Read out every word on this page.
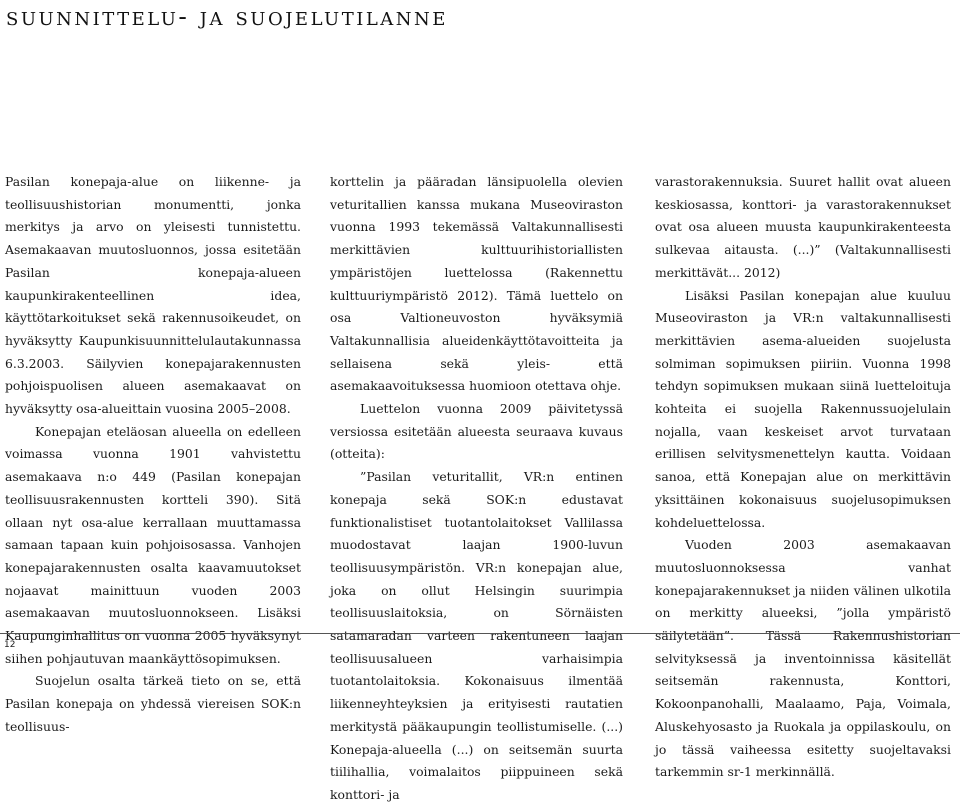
suunnittelu- ja suojelutilanne

Pasilan konepaja-alue on liikenne- ja teollisuushistorian monumentti, jonka merkitys ja arvo on yleisesti tunnistettu. Asemakaavan muutosluonnos, jossa esitetään Pasilan konepaja-alueen kaupunkirakenteellinen idea, käyttötarkoitukset sekä rakennusoikeudet, on hyväksytty Kaupunkisuunnittelulautakunnassa 6.3.2003. Säilyvien konepajarakennusten pohjoispuolisen alueen asemakaavat on hyväksytty osa-alueittain vuosina 2005–2008.

Konepajan eteläosan alueella on edelleen voimassa vuonna 1901 vahvistettu asemakaava n:o 449 (Pasilan konepajan teollisuusrakennusten kortteli 390). Sitä ollaan nyt osa-alue kerrallaan muuttamassa samaan tapaan kuin pohjoisosassa. Vanhojen konepajarakennusten osalta kaavamuutokset nojaavat mainittuun vuoden 2003 asemakaavan muutosluonnokseen. Lisäksi Kaupunginhallitus on vuonna 2005 hyväksynyt siihen pohjautuvan maankäyttösopimuksen.

Suojelun osalta tärkeä tieto on se, että Pasilan konepaja on yhdessä viereisen SOK:n teollisuus-

korttelin ja pääradan länsipuolella olevien veturitallien kanssa mukana Museoviraston vuonna 1993 tekemässä Valtakunnallisesti merkittävien kulttuurihistoriallisten ympäristöjen luettelossa (Rakennettu kulttuuriympäristö 2012). Tämä luettelo on osa Valtioneuvoston hyväksymiä Valtakunnallisia alueidenkäyttötavoitteita ja sellaisena sekä yleis- että asemakaavoituksessa huomioon otettava ohje.

Luettelon vuonna 2009 päivitetyssä versiossa esitetään alueesta seuraava kuvaus (otteita):

”Pasilan veturitallit, VR:n entinen konepaja sekä SOK:n edustavat funktionalistiset tuotantolaitokset Vallilassa muodostavat laajan 1900-luvun teollisuusympäristön. VR:n konepajan alue, joka on ollut Helsingin suurimpia teollisuuslaitoksia, on Sörnäisten satamaradan varteen rakentuneen laajan teollisuusalueen varhaisimpia tuotantolaitoksia. Kokonaisuus ilmentää liikenneyhteyksien ja erityisesti rautatien merkitystä pääkaupungin teollistumiselle. (...) Konepaja-alueella (...) on seitsemän suurta tiilihallia, voimalaitos piippuineen sekä konttori- ja

varastorakennuksia. Suuret hallit ovat alueen keskiosassa, konttori- ja varastorakennukset ovat osa alueen muusta kaupunkirakenteesta sulkevaa aitausta. (...)” (Valtakunnallisesti merkittävät... 2012)

Lisäksi Pasilan konepajan alue kuuluu Museoviraston ja VR:n valtakunnallisesti merkittävien asema-alueiden suojelusta solmiman sopimuksen piiriin. Vuonna 1998 tehdyn sopimuksen mukaan siinä luetteloituja kohteita ei suojella Rakennussuojelulain nojalla, vaan keskeiset arvot turvataan erillisen selvitysmenettelyn kautta. Voidaan sanoa, että Konepajan alue on merkittävin yksittäinen kokonaisuus suojelusopimuksen kohdeluettelossa.

Vuoden 2003 asemakaavan muutosluonnoksessa vanhat konepajarakennukset ja niiden välinen ulkotila on merkitty alueeksi, ”jolla ympäristö säilytetään”. Tässä Rakennushistorian selvityksessä ja inventoinnissa käsitellät seitsemän rakennusta, Konttori, Kokoonpanohalli, Maalaamo, Paja, Voimala, Aluskehyosasto ja Ruokala ja oppilaskoulu, on jo tässä vaiheessa esitetty suojeltavaksi tarkemmin sr-1 merkinnällä.

12
